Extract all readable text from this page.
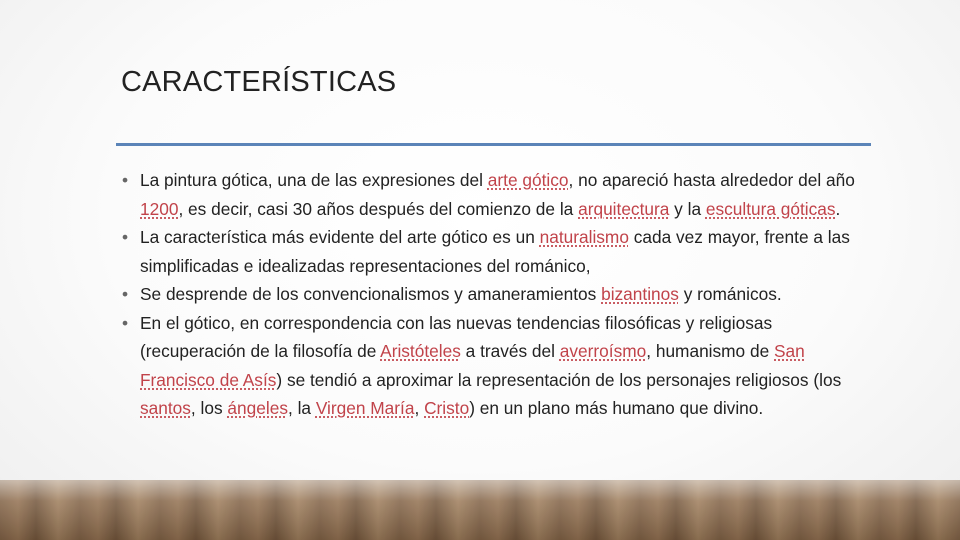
CARACTERÍSTICAS
• La pintura gótica, una de las expresiones del arte gótico, no apareció hasta alrededor del año 1200, es decir, casi 30 años después del comienzo de la arquitectura y la escultura góticas.
• La característica más evidente del arte gótico es un naturalismo cada vez mayor, frente a las simplificadas e idealizadas representaciones del románico,
• Se desprende de los convencionalismos y amaneramientos bizantinos y románicos.
• En el gótico, en correspondencia con las nuevas tendencias filosóficas y religiosas (recuperación de la filosofía de Aristóteles a través del averroísmo, humanismo de San Francisco de Asís) se tendió a aproximar la representación de los personajes religiosos (los santos, los ángeles, la Virgen María, Cristo) en un plano más humano que divino.
